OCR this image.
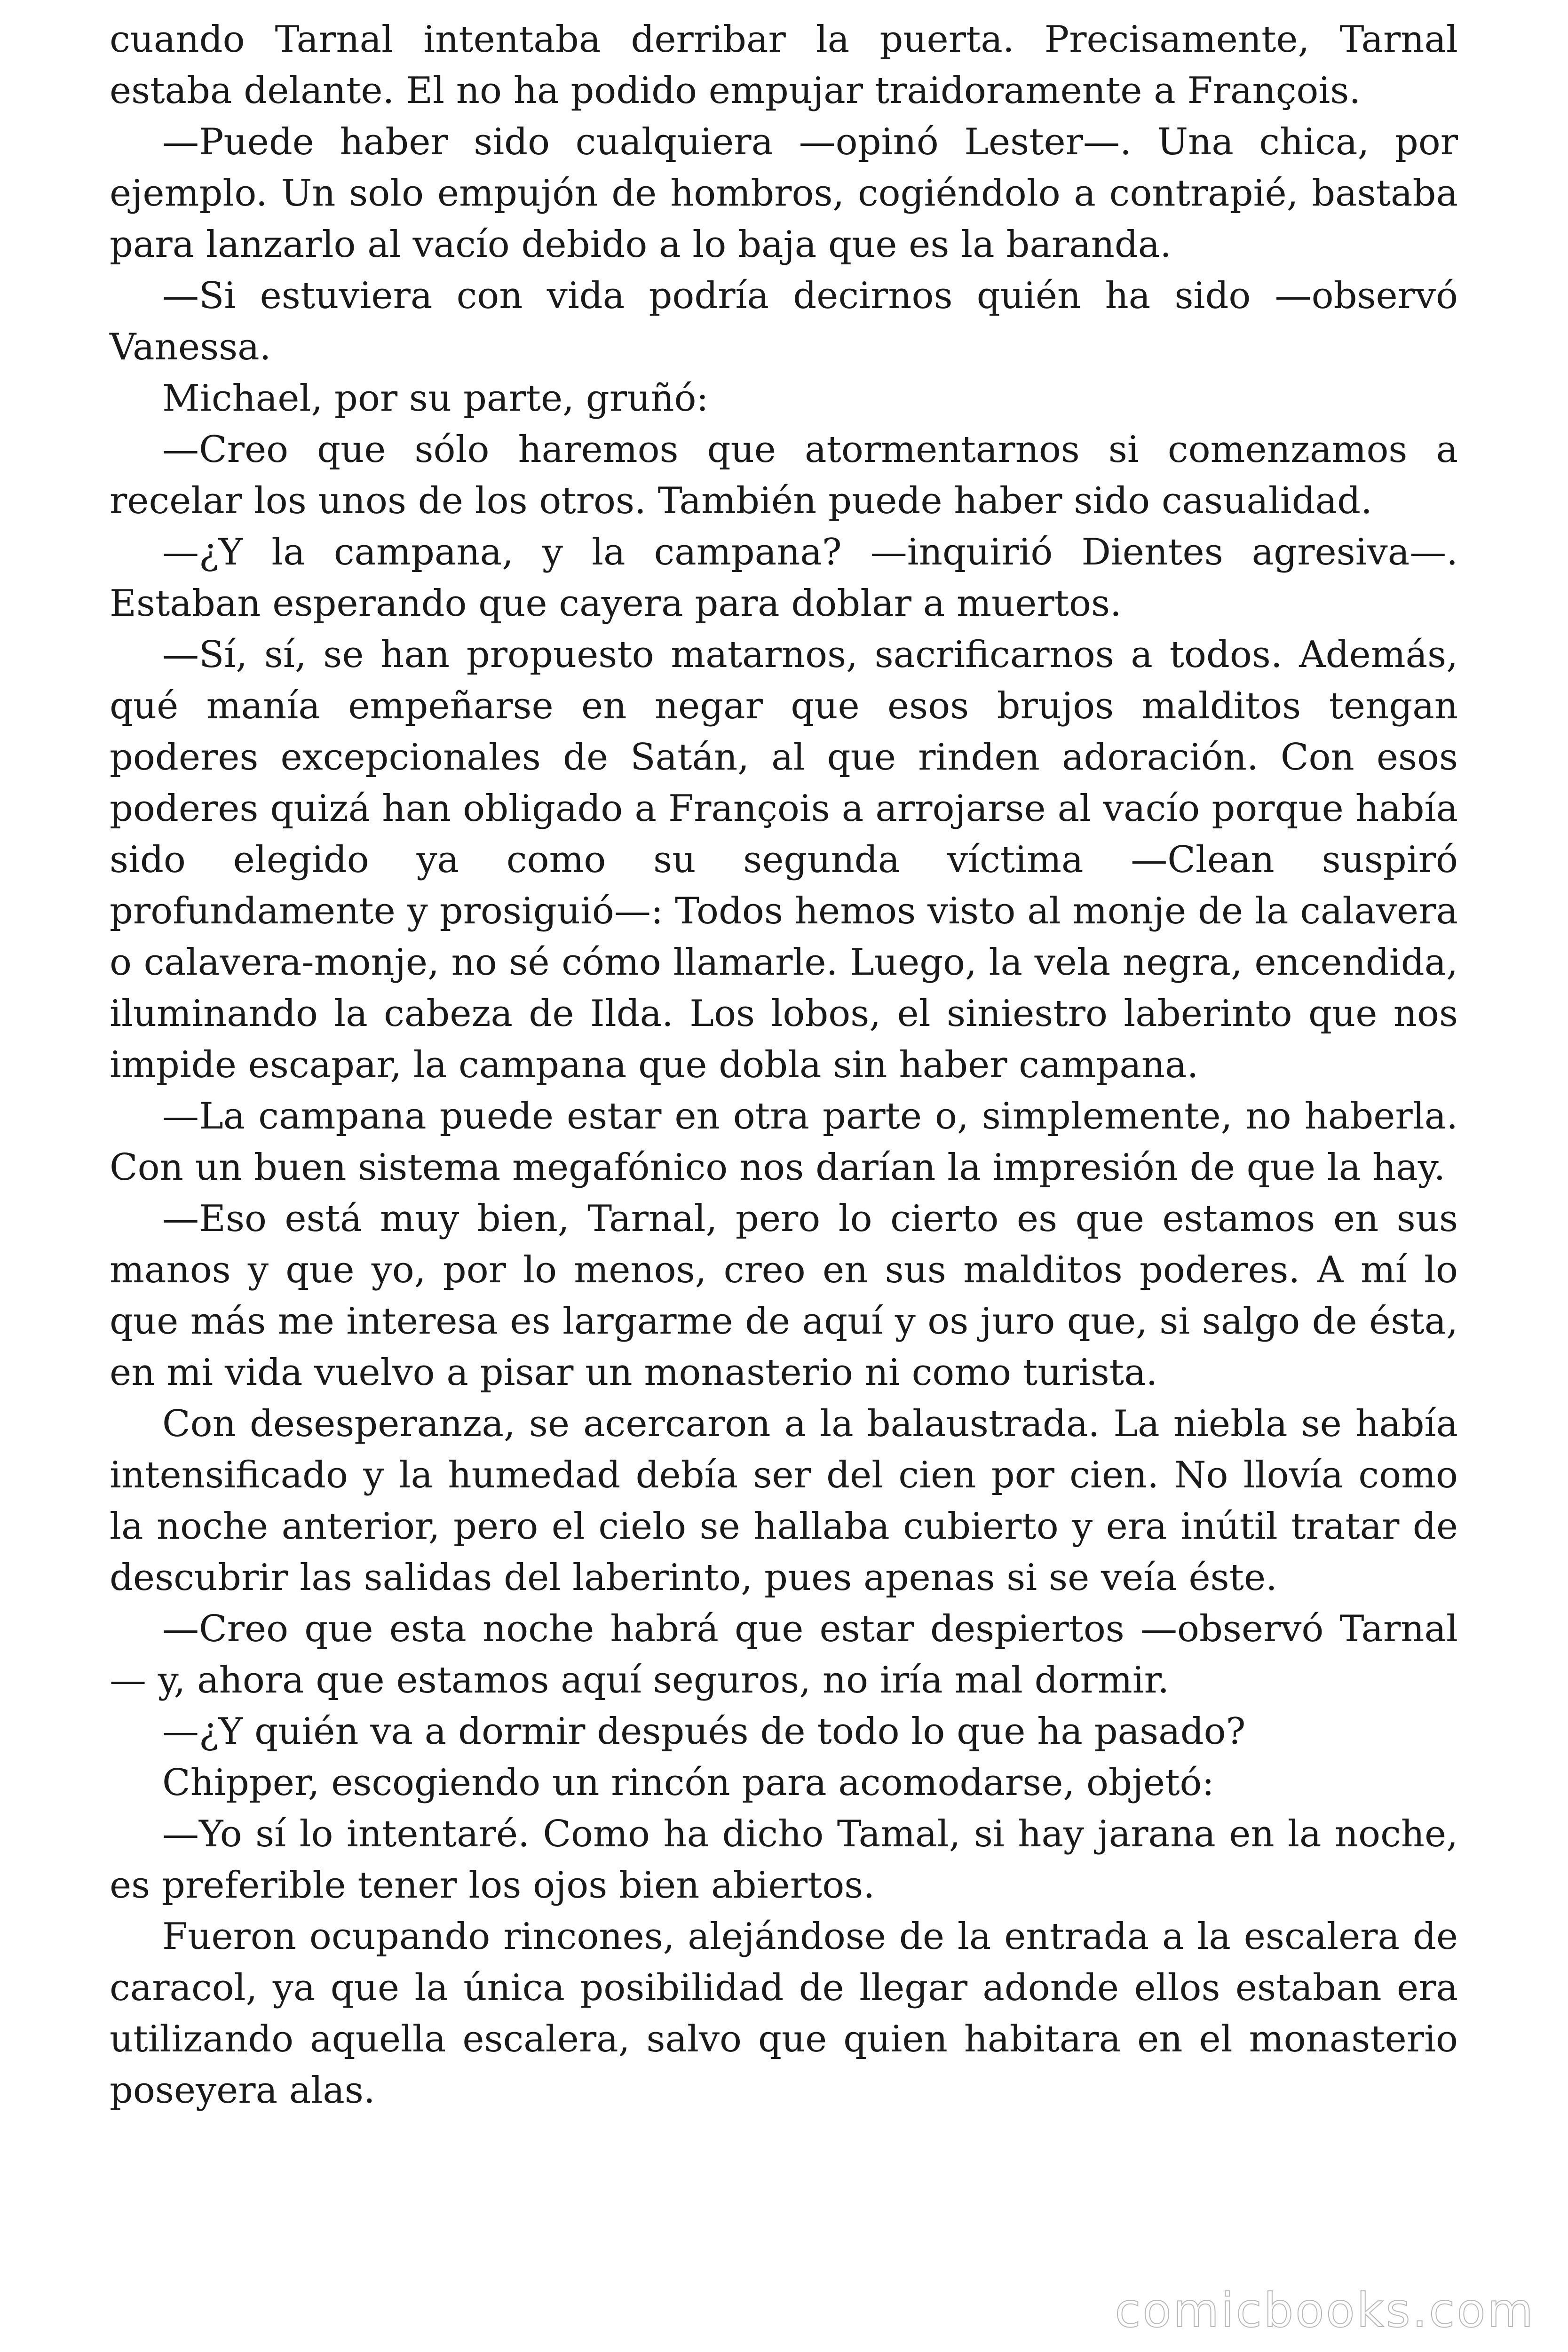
cuando Tarnal intentaba derribar la puerta. Precisamente, Tarnal estaba delante. El no ha podido empujar traidoramente a François.

—Puede haber sido cualquiera —opinó Lester—. Una chica, por ejemplo. Un solo empujón de hombros, cogiéndolo a contrapié, bastaba para lanzarlo al vacío debido a lo baja que es la baranda.

—Si estuviera con vida podría decirnos quién ha sido —observó Vanessa.

Michael, por su parte, gruñó:

—Creo que sólo haremos que atormentarnos si comenzamos a recelar los unos de los otros. También puede haber sido casualidad.

—¿Y la campana, y la campana? —inquirió Dientes agresiva—. Estaban esperando que cayera para doblar a muertos.

—Sí, sí, se han propuesto matarnos, sacrificarnos a todos. Además, qué manía empeñarse en negar que esos brujos malditos tengan poderes excepcionales de Satán, al que rinden adoración. Con esos poderes quizá han obligado a François a arrojarse al vacío porque había sido elegido ya como su segunda víctima —Clean suspiró profundamente y prosiguió—: Todos hemos visto al monje de la calavera o calavera-monje, no sé cómo llamarle. Luego, la vela negra, encendida, iluminando la cabeza de Ilda. Los lobos, el siniestro laberinto que nos impide escapar, la campana que dobla sin haber campana.

—La campana puede estar en otra parte o, simplemente, no haberla. Con un buen sistema megafónico nos darían la impresión de que la hay.

—Eso está muy bien, Tarnal, pero lo cierto es que estamos en sus manos y que yo, por lo menos, creo en sus malditos poderes. A mí lo que más me interesa es largarme de aquí y os juro que, si salgo de ésta, en mi vida vuelvo a pisar un monasterio ni como turista.

Con desesperanza, se acercaron a la balaustrada. La niebla se había intensificado y la humedad debía ser del cien por cien. No llovía como la noche anterior, pero el cielo se hallaba cubierto y era inútil tratar de descubrir las salidas del laberinto, pues apenas si se veía éste.

—Creo que esta noche habrá que estar despiertos —observó Tarnal — y, ahora que estamos aquí seguros, no iría mal dormir.

—¿Y quién va a dormir después de todo lo que ha pasado?

Chipper, escogiendo un rincón para acomodarse, objetó:

—Yo sí lo intentaré. Como ha dicho Tamal, si hay jarana en la noche, es preferible tener los ojos bien abiertos.

Fueron ocupando rincones, alejándose de la entrada a la escalera de caracol, ya que la única posibilidad de llegar adonde ellos estaban era utilizando aquella escalera, salvo que quien habitara en el monasterio poseyera alas.

comicbooks.com
